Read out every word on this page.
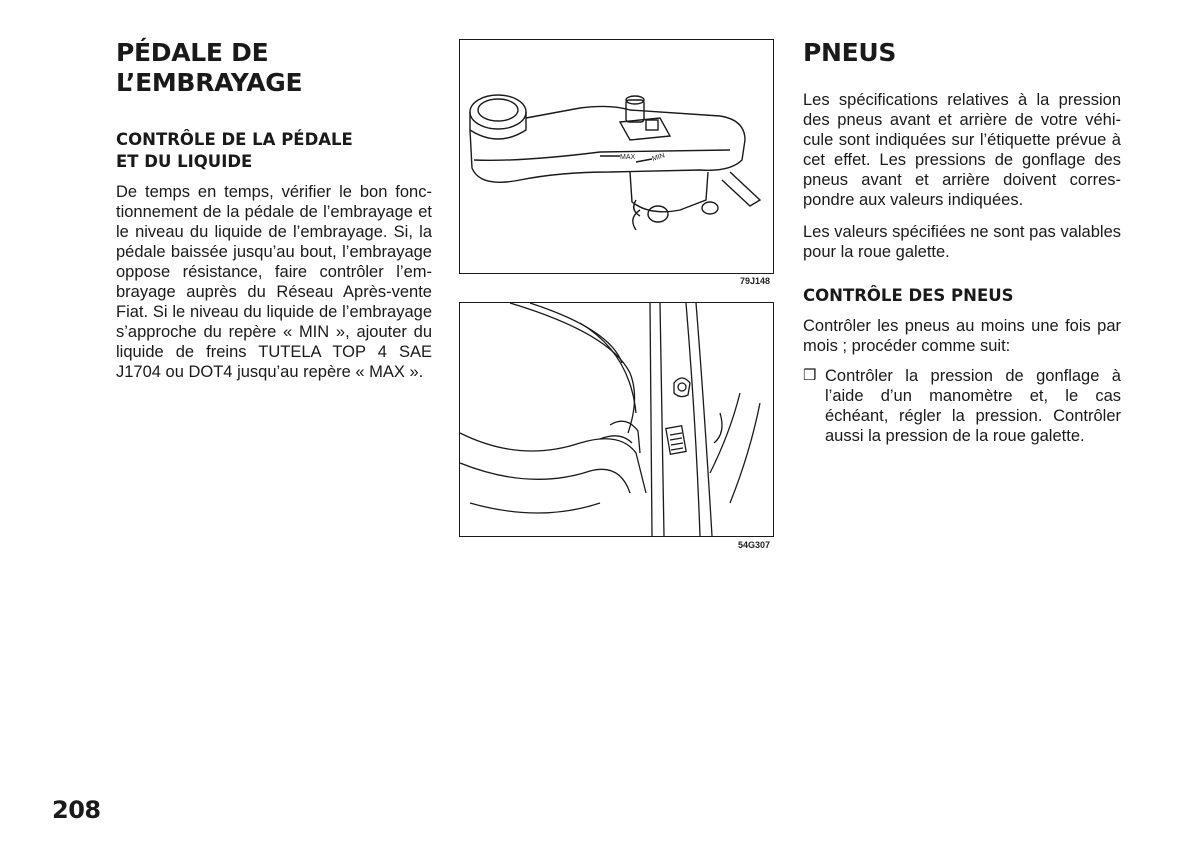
PÉDALE DE
L’EMBRAYAGE
CONTRÔLE DE LA PÉDALE
ET DU LIQUIDE

De temps en temps, vérifier le bon fonctionnement de la pédale de l’embrayage et le niveau du liquide de l’embrayage. Si, la pédale baissée jusqu’au bout, l’embrayage oppose résistance, faire contrôler l’embrayage auprès du Réseau Après-vente Fiat. Si le niveau du liquide de l’embrayage s’approche du repère « MIN », ajouter du liquide de freins TUTELA TOP 4 SAE J1704 ou DOT4 jusqu’au repère « MAX ».

MAX MIN
79J148
54G307
PNEUS

Les spécifications relatives à la pression des pneus avant et arrière de votre véhicule sont indiquées sur l’étiquette prévue à cet effet. Les pressions de gonflage des pneus avant et arrière doivent correspondre aux valeurs indiquées.

Les valeurs spécifiées ne sont pas valables pour la roue galette.

CONTRÔLE DES PNEUS

Contrôler les pneus au moins une fois par mois ; procéder comme suit:

❒ Contrôler la pression de gonflage à l’aide d’un manomètre et, le cas échéant, régler la pression. Contrôler aussi la pression de la roue galette.
208
